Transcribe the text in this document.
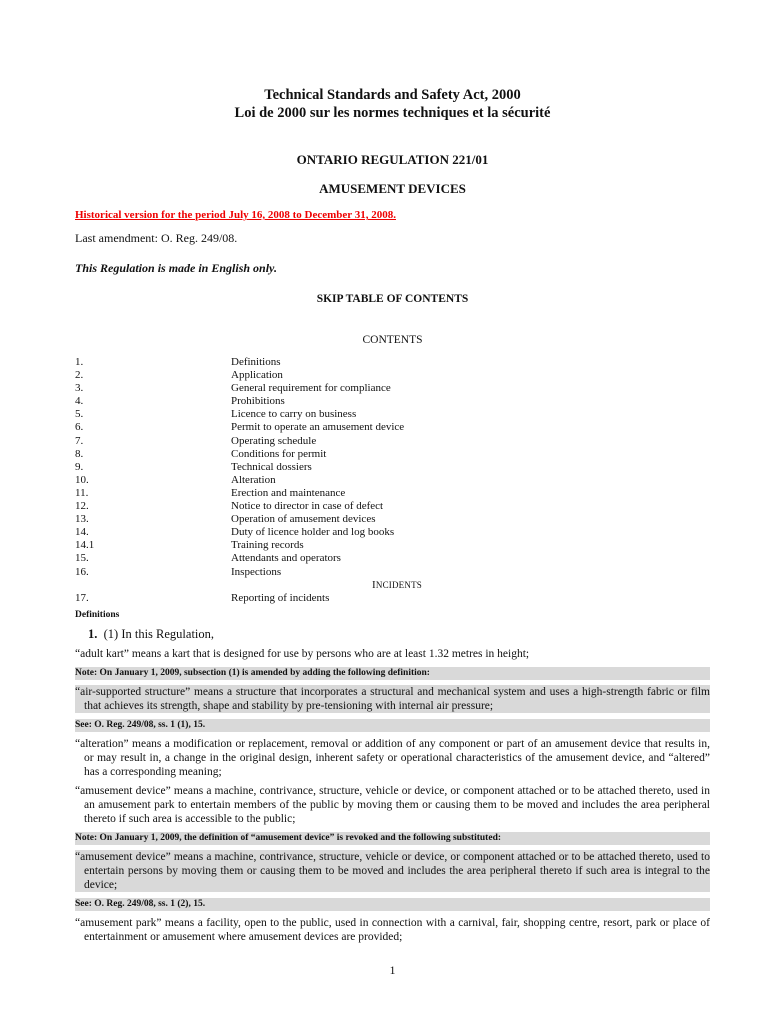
Technical Standards and Safety Act, 2000
Loi de 2000 sur les normes techniques et la sécurité
ONTARIO REGULATION 221/01
AMUSEMENT DEVICES
Historical version for the period July 16, 2008 to December 31, 2008.
Last amendment: O. Reg. 249/08.
This Regulation is made in English only.
SKIP TABLE OF CONTENTS
CONTENTS
1.	Definitions
2.	Application
3.	General requirement for compliance
4.	Prohibitions
5.	Licence to carry on business
6.	Permit to operate an amusement device
7.	Operating schedule
8.	Conditions for permit
9.	Technical dossiers
10.	Alteration
11.	Erection and maintenance
12.	Notice to director in case of defect
13.	Operation of amusement devices
14.	Duty of licence holder and log books
14.1	Training records
15.	Attendants and operators
16.	Inspections
INCIDENTS
17.	Reporting of incidents
Definitions
1. (1) In this Regulation,
“adult kart” means a kart that is designed for use by persons who are at least 1.32 metres in height;
Note: On January 1, 2009, subsection (1) is amended by adding the following definition:
“air-supported structure” means a structure that incorporates a structural and mechanical system and uses a high-strength fabric or film that achieves its strength, shape and stability by pre-tensioning with internal air pressure;
See: O. Reg. 249/08, ss. 1 (1), 15.
“alteration” means a modification or replacement, removal or addition of any component or part of an amusement device that results in, or may result in, a change in the original design, inherent safety or operational characteristics of the amusement device, and “altered” has a corresponding meaning;
“amusement device” means a machine, contrivance, structure, vehicle or device, or component attached or to be attached thereto, used in an amusement park to entertain members of the public by moving them or causing them to be moved and includes the area peripheral thereto if such area is accessible to the public;
Note: On January 1, 2009, the definition of “amusement device” is revoked and the following substituted:
“amusement device” means a machine, contrivance, structure, vehicle or device, or component attached or to be attached thereto, used to entertain persons by moving them or causing them to be moved and includes the area peripheral thereto if such area is integral to the device;
See: O. Reg. 249/08, ss. 1 (2), 15.
“amusement park” means a facility, open to the public, used in connection with a carnival, fair, shopping centre, resort, park or place of entertainment or amusement where amusement devices are provided;
1
